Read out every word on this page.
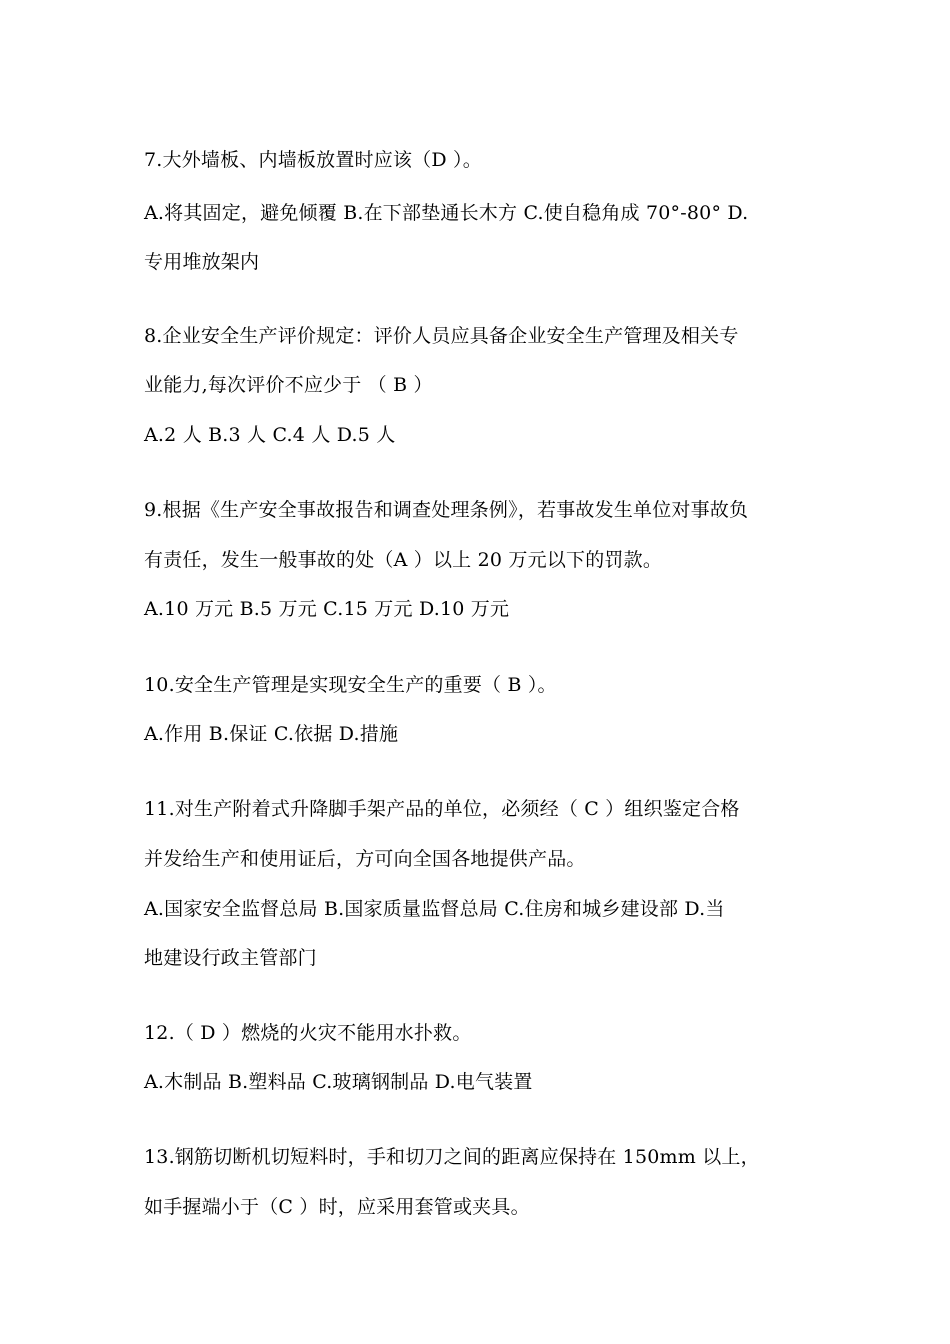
7.大外墙板、内墙板放置时应该（D ）。
A.将其固定，避免倾覆 B.在下部垫通长木方 C.使自稳角成 70°-80° D.
专用堆放架内
8.企业安全生产评价规定：评价人员应具备企业安全生产管理及相关专
业能力,每次评价不应少于 （ B ）
A.2 人 B.3 人 C.4 人 D.5 人
9.根据《生产安全事故报告和调查处理条例》，若事故发生单位对事故负
有责任，发生一般事故的处（A ）以上 20 万元以下的罚款。
A.10 万元 B.5 万元 C.15 万元 D.10 万元
10.安全生产管理是实现安全生产的重要（ B ）。
A.作用 B.保证 C.依据 D.措施
11.对生产附着式升降脚手架产品的单位，必须经（ C ）组织鉴定合格
并发给生产和使用证后，方可向全国各地提供产品。
A.国家安全监督总局 B.国家质量监督总局 C.住房和城乡建设部 D.当
地建设行政主管部门
12.（ D ）燃烧的火灾不能用水扑救。
A.木制品 B.塑料品 C.玻璃钢制品 D.电气装置
13.钢筋切断机切短料时，手和切刀之间的距离应保持在 150mm 以上，
如手握端小于（C ）时，应采用套管或夹具。
